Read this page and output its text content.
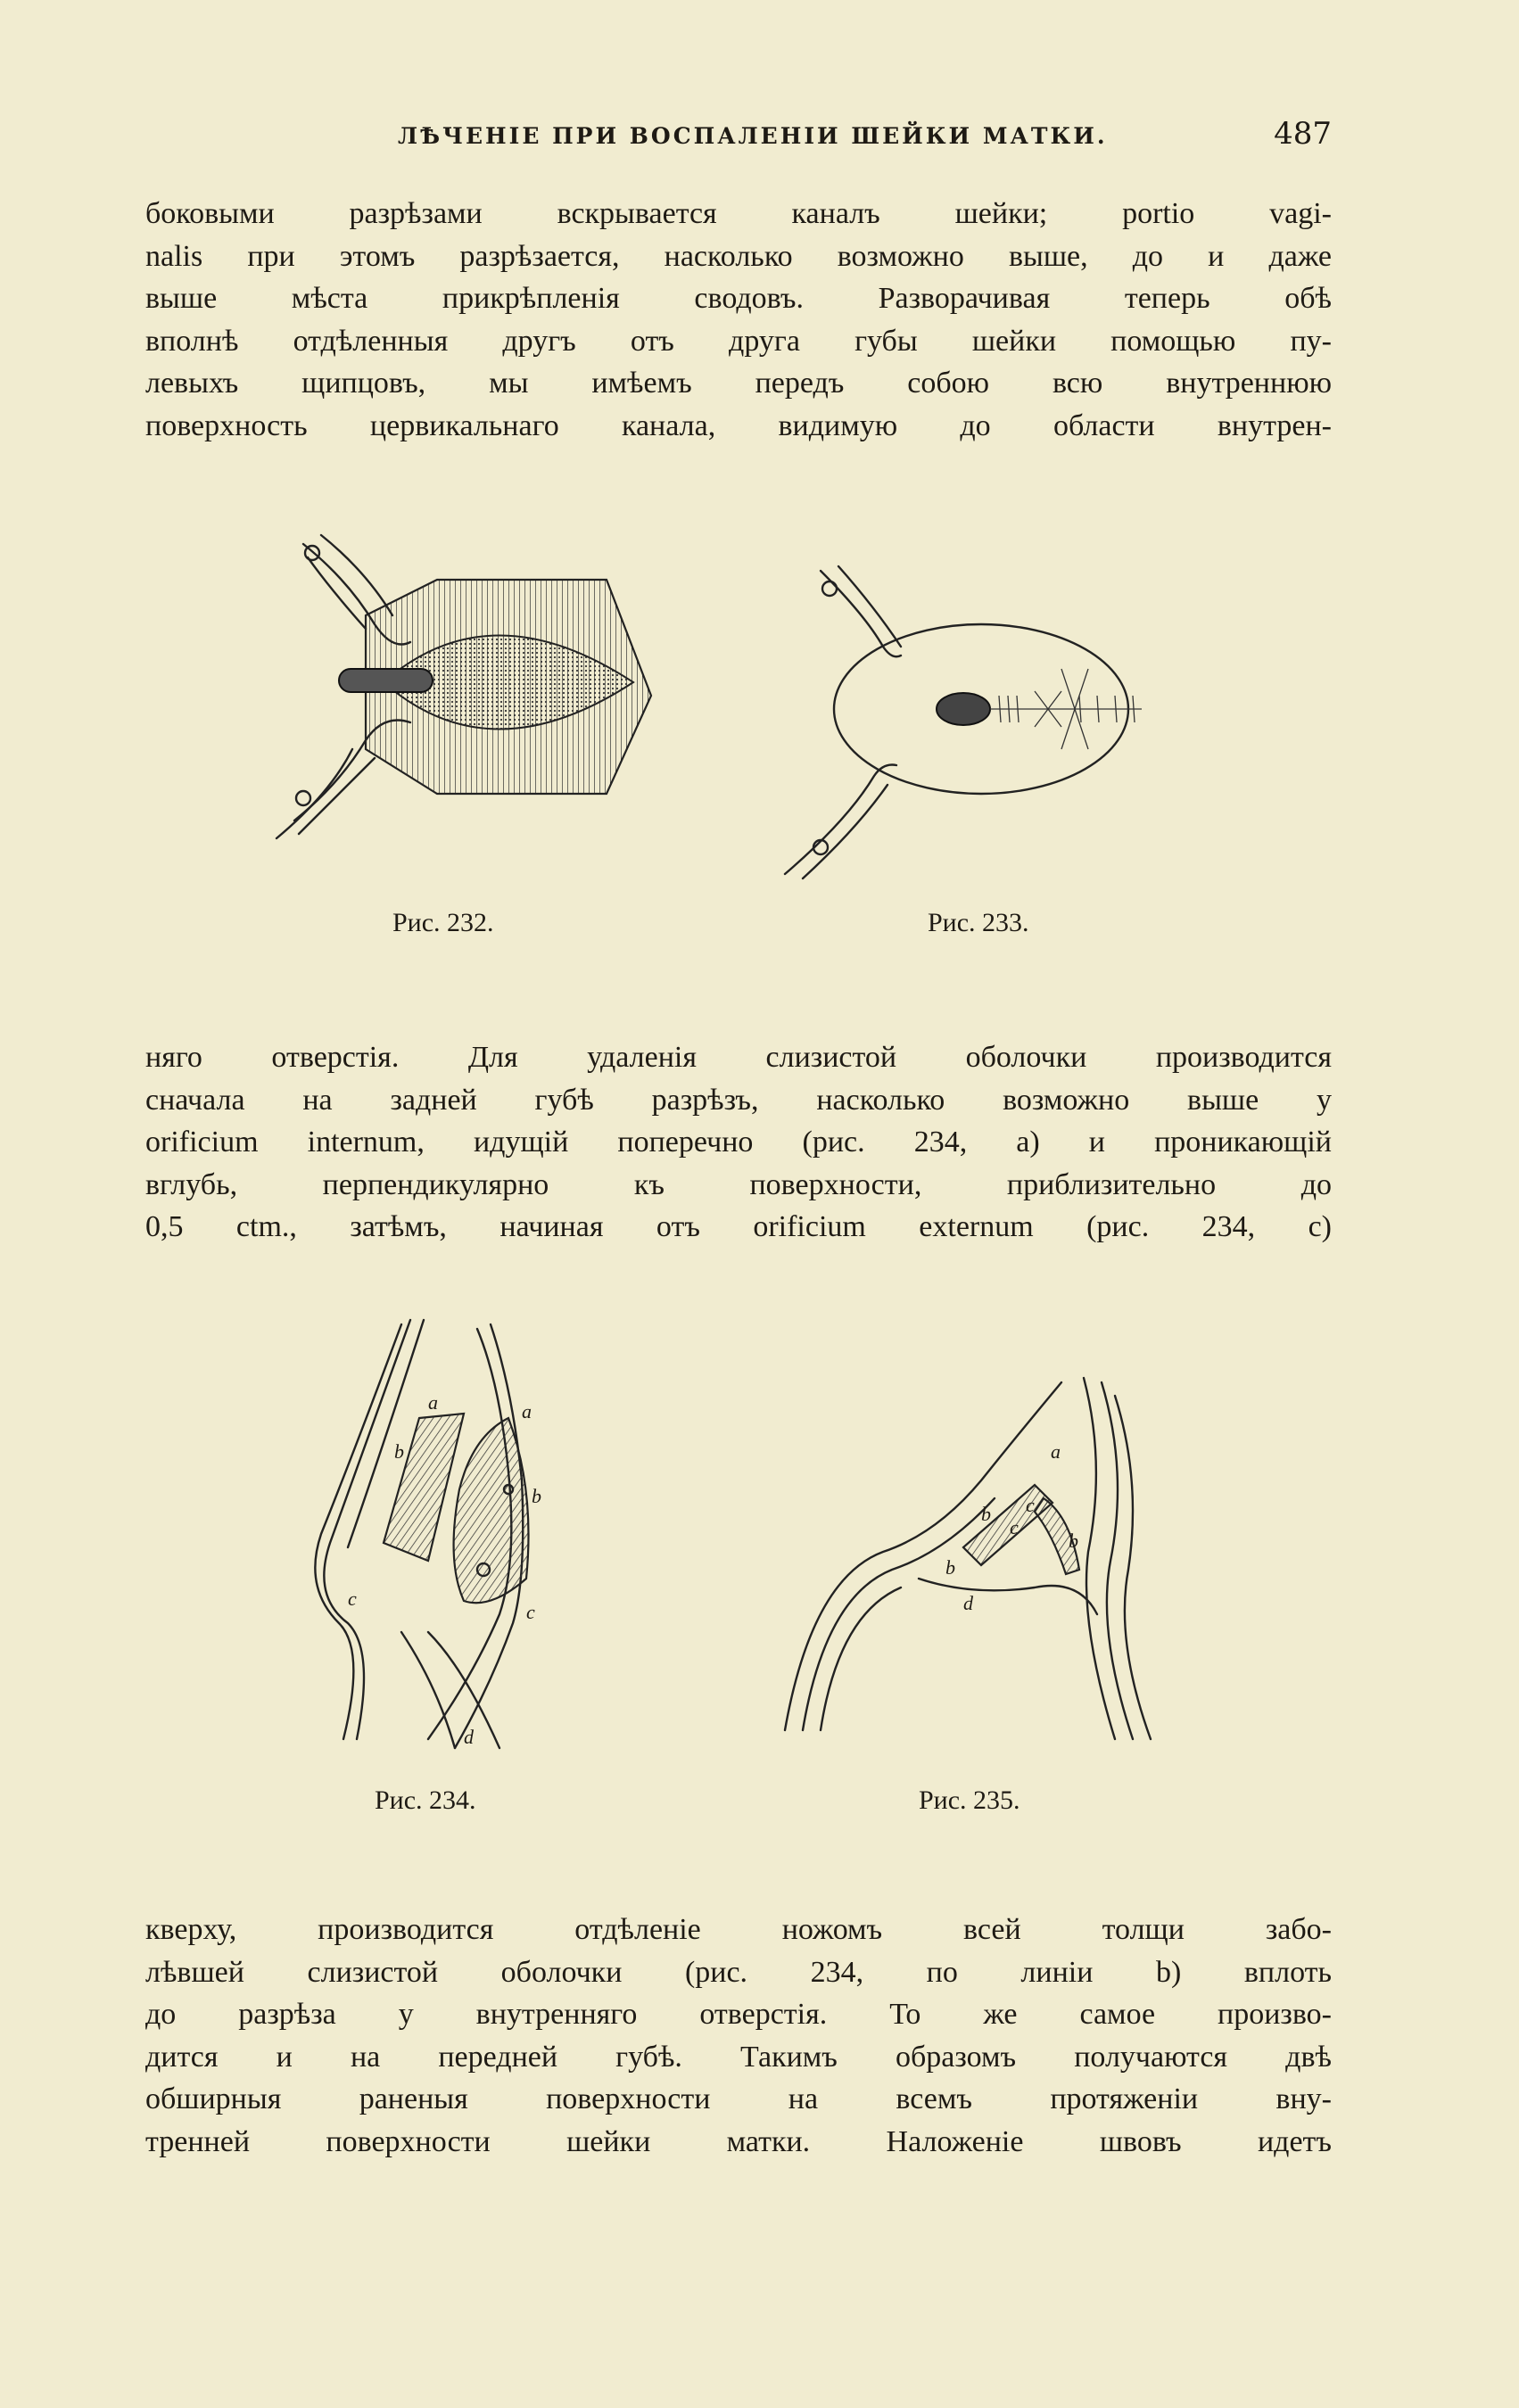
ЛѢЧЕНІЕ ПРИ ВОСПАЛЕНІИ ШЕЙКИ МАТКИ.	487

боковыми разрѣзами вскрывается каналъ шейки; portio vagi-
nalis при этомъ разрѣзается, насколько возможно выше, до и даже
выше мѣста прикрѣпленія сводовъ. Разворачивая теперь обѣ
вполнѣ отдѣленныя другъ отъ друга губы шейки помощью пу-
левыхъ щипцовъ, мы имѣемъ передъ собою всю внутреннюю
поверхность цервикальнаго канала, видимую до области внутрен-

Рис. 232.	Рис. 233.

няго отверстія. Для удаленія слизистой оболочки производится
сначала на задней губѣ разрѣзъ, насколько возможно выше у
orificium internum, идущій поперечно (рис. 234, a) и проникающій
вглубь, перпендикулярно къ поверхности, приблизительно до
0,5 ctm., затѣмъ, начиная отъ orificium externum (рис. 234, c)

a	a
b
b
c
c
d
Рис. 234.
a
b
b
b
c
c
d
Рис. 235.

кверху, производится отдѣленіе ножомъ всей толщи забо-
лѣвшей слизистой оболочки (рис. 234, по линіи b) вплоть
до разрѣза у внутренняго отверстія. То же самое произво-
дится и на передней губѣ. Такимъ образомъ получаются двѣ
обширныя раненыя поверхности на всемъ протяженіи вну-
тренней поверхности шейки матки. Наложеніе швовъ идетъ
